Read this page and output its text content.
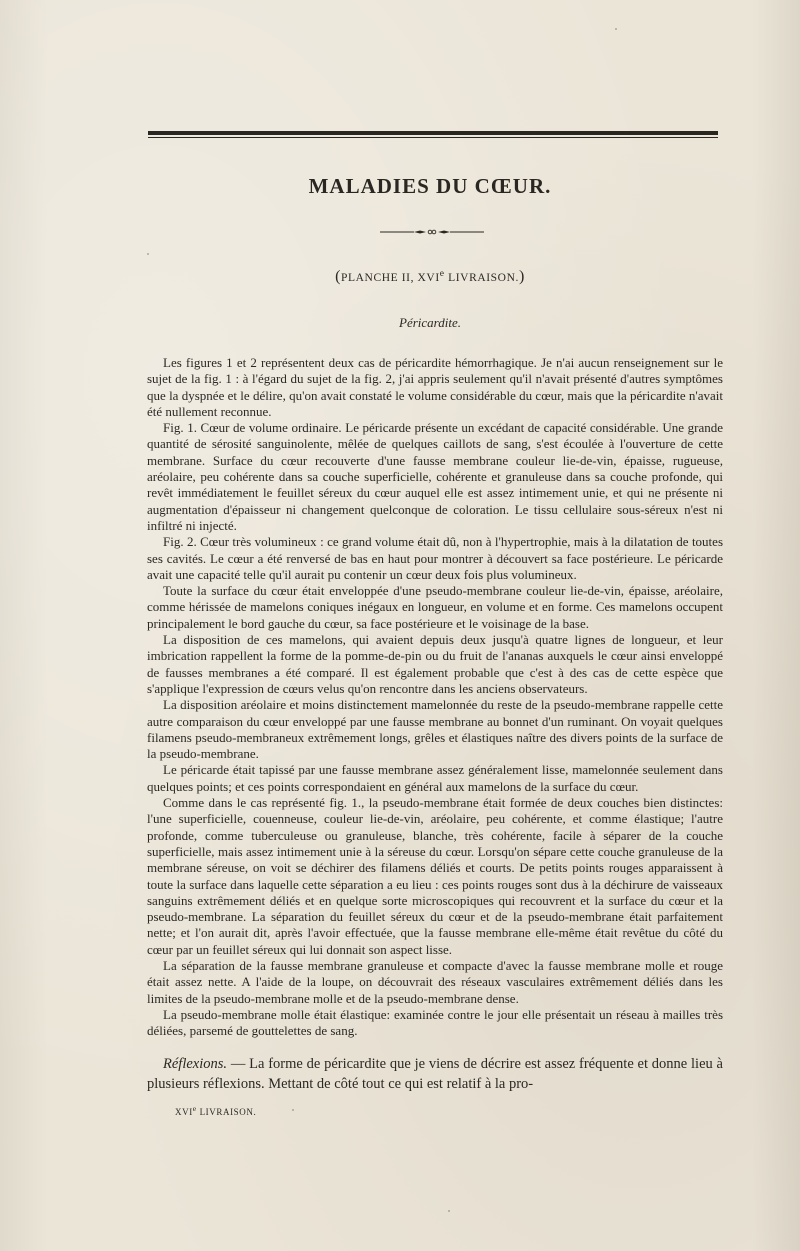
MALADIES DU CŒUR.
(PLANCHE II, XVIe LIVRAISON.)
Péricardite.

Les figures 1 et 2 représentent deux cas de péricardite hémorrhagique. Je n'ai aucun renseignement sur le sujet de la fig. 1 : à l'égard du sujet de la fig. 2, j'ai appris seulement qu'il n'avait présenté d'autres symptômes que la dyspnée et le délire, qu'on avait constaté le volume considérable du cœur, mais que la péricardite n'avait été nullement reconnue.

Fig. 1. Cœur de volume ordinaire. Le péricarde présente un excédant de capacité considérable. Une grande quantité de sérosité sanguinolente, mêlée de quelques caillots de sang, s'est écoulée à l'ouverture de cette membrane. Surface du cœur recouverte d'une fausse membrane couleur lie-de-vin, épaisse, rugueuse, aréolaire, peu cohérente dans sa couche superficielle, cohérente et granuleuse dans sa couche profonde, qui revêt immédiatement le feuillet séreux du cœur auquel elle est assez intimement unie, et qui ne présente ni augmentation d'épaisseur ni changement quelconque de coloration. Le tissu cellulaire sous-séreux n'est ni infiltré ni injecté.

Fig. 2. Cœur très volumineux : ce grand volume était dû, non à l'hypertrophie, mais à la dilatation de toutes ses cavités. Le cœur a été renversé de bas en haut pour montrer à découvert sa face postérieure. Le péricarde avait une capacité telle qu'il aurait pu contenir un cœur deux fois plus volumineux.

Toute la surface du cœur était enveloppée d'une pseudo-membrane couleur lie-de-vin, épaisse, aréolaire, comme hérissée de mamelons coniques inégaux en longueur, en volume et en forme. Ces mamelons occupent principalement le bord gauche du cœur, sa face postérieure et le voisinage de la base.

La disposition de ces mamelons, qui avaient depuis deux jusqu'à quatre lignes de longueur, et leur imbrication rappellent la forme de la pomme-de-pin ou du fruit de l'ananas auxquels le cœur ainsi enveloppé de fausses membranes a été comparé. Il est également probable que c'est à des cas de cette espèce que s'applique l'expression de cœurs velus qu'on rencontre dans les anciens observateurs.

La disposition aréolaire et moins distinctement mamelonnée du reste de la pseudo-membrane rappelle cette autre comparaison du cœur enveloppé par une fausse membrane au bonnet d'un ruminant. On voyait quelques filamens pseudo-membraneux extrêmement longs, grêles et élastiques naître des divers points de la surface de la pseudo-membrane.

Le péricarde était tapissé par une fausse membrane assez généralement lisse, mamelonnée seulement dans quelques points; et ces points correspondaient en général aux mamelons de la surface du cœur.

Comme dans le cas représenté fig. 1., la pseudo-membrane était formée de deux couches bien distinctes: l'une superficielle, couenneuse, couleur lie-de-vin, aréolaire, peu cohérente, et comme élastique; l'autre profonde, comme tuberculeuse ou granuleuse, blanche, très cohérente, facile à séparer de la couche superficielle, mais assez intimement unie à la séreuse du cœur. Lorsqu'on sépare cette couche granuleuse de la membrane séreuse, on voit se déchirer des filamens déliés et courts. De petits points rouges apparaissent à toute la surface dans laquelle cette séparation a eu lieu : ces points rouges sont dus à la déchirure de vaisseaux sanguins extrêmement déliés et en quelque sorte microscopiques qui recouvrent et la surface du cœur et la pseudo-membrane. La séparation du feuillet séreux du cœur et de la pseudo-membrane était parfaitement nette; et l'on aurait dit, après l'avoir effectuée, que la fausse membrane elle-même était revêtue du côté du cœur par un feuillet séreux qui lui donnait son aspect lisse.

La séparation de la fausse membrane granuleuse et compacte d'avec la fausse membrane molle et rouge était assez nette. A l'aide de la loupe, on découvrait des réseaux vasculaires extrêmement déliés dans les limites de la pseudo-membrane molle et de la pseudo-membrane dense.

La pseudo-membrane molle était élastique: examinée contre le jour elle présentait un réseau à mailles très déliées, parsemé de gouttelettes de sang.

Réflexions. — La forme de péricardite que je viens de décrire est assez fréquente et donne lieu à plusieurs réflexions. Mettant de côté tout ce qui est relatif à la pro-

XVIe LIVRAISON.
